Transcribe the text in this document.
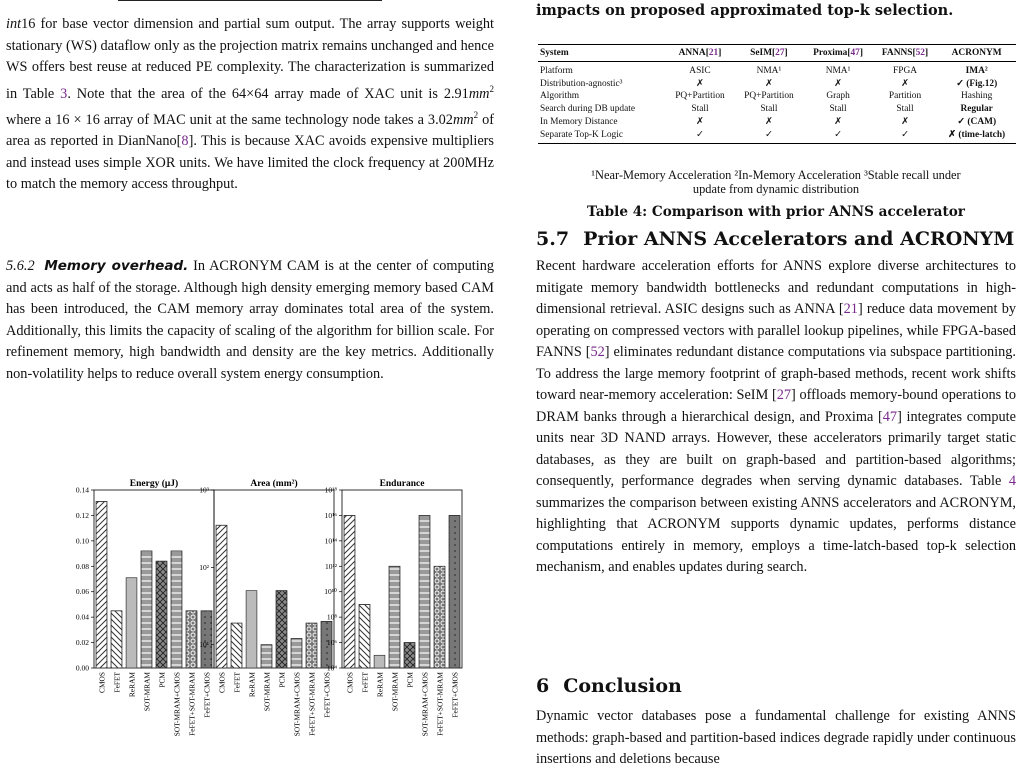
int16 for base vector dimension and partial sum output. The array supports weight stationary (WS) dataflow only as the projection matrix remains unchanged and hence WS offers best reuse at reduced PE complexity. The characterization is summarized in Table 3. Note that the area of the 64×64 array made of XAC unit is $2.91mm^2$ where a 16 × 16 array of MAC unit at the same technology node takes a $3.02mm^2$ of area as reported in DianNano[8]. This is because XAC avoids expensive multipliers and instead uses simple XOR units. We have limited the clock frequency at 200MHz to match the memory access throughput.

5.6.2 Memory overhead. In ACRONYM CAM is at the center of computing and acts as half of the storage. Although high density emerging memory based CAM has been introduced, the CAM memory array dominates total area of the system. Additionally, this limits the capacity of scaling of the algorithm for billion scale. For refinement memory, high bandwidth and density are the key metrics. Additionally non-volatility helps to reduce overall system energy consumption.

Energy (μJ)
0.00
0.02
0.04
0.06
0.08
0.10
0.12
0.14
CMOS FeFET ReRAM SOT-MRAM PCM SOT-MRAM+CMOS FeFET+SOT-MRAM FeFET+CMOS
Area (mm²)
10¹
10²
10³
CMOS FeFET ReRAM SOT-MRAM PCM SOT-MRAM+CMOS FeFET+SOT-MRAM FeFET+CMOS
Endurance
10⁴
10⁶
10⁸
10¹⁰
10¹²
10¹⁴
10¹⁶
10¹⁸
CMOS FeFET ReRAM SOT-MRAM PCM SOT-MRAM+CMOS FeFET+SOT-MRAM FeFET+CMOS

impacts on proposed approximated top-k selection.

System	ANNA[21]	SeIM[27]	Proxima[47]	FANNS[52]	ACRONYM
Platform	ASIC	NMA¹	NMA¹	FPGA	IMA²
Distribution-agnostic³	✗	✗	✗	✗	✓ (Fig.12)
Algorithm	PQ+Partition	PQ+Partition	Graph	Partition	Hashing
Search during DB update	Stall	Stall	Stall	Stall	Regular
In Memory Distance	✗	✗	✗	✗	✓ (CAM)
Separate Top-K Logic	✓	✓	✓	✓	✗ (time-latch)
¹Near-Memory Acceleration ²In-Memory Acceleration ³Stable recall under
update from dynamic distribution
Table 4: Comparison with prior ANNS accelerator
5.7 Prior ANNS Accelerators and ACRONYM

Recent hardware acceleration efforts for ANNS explore diverse architectures to mitigate memory bandwidth bottlenecks and redundant computations in high-dimensional retrieval. ASIC designs such as ANNA [21] reduce data movement by operating on compressed vectors with parallel lookup pipelines, while FPGA-based FANNS [52] eliminates redundant distance computations via subspace partitioning. To address the large memory footprint of graph-based methods, recent work shifts toward near-memory acceleration: SeIM [27] offloads memory-bound operations to DRAM banks through a hierarchical design, and Proxima [47] integrates compute units near 3D NAND arrays. However, these accelerators primarily target static databases, as they are built on graph-based and partition-based algorithms; consequently, performance degrades when serving dynamic databases. Table 4 summarizes the comparison between existing ANNS accelerators and ACRONYM, highlighting that ACRONYM supports dynamic updates, performs distance computations entirely in memory, employs a time-latch-based top-k selection mechanism, and enables updates during search.

6 Conclusion

Dynamic vector databases pose a fundamental challenge for existing ANNS methods: graph-based and partition-based indices degrade rapidly under continuous insertions and deletions because
